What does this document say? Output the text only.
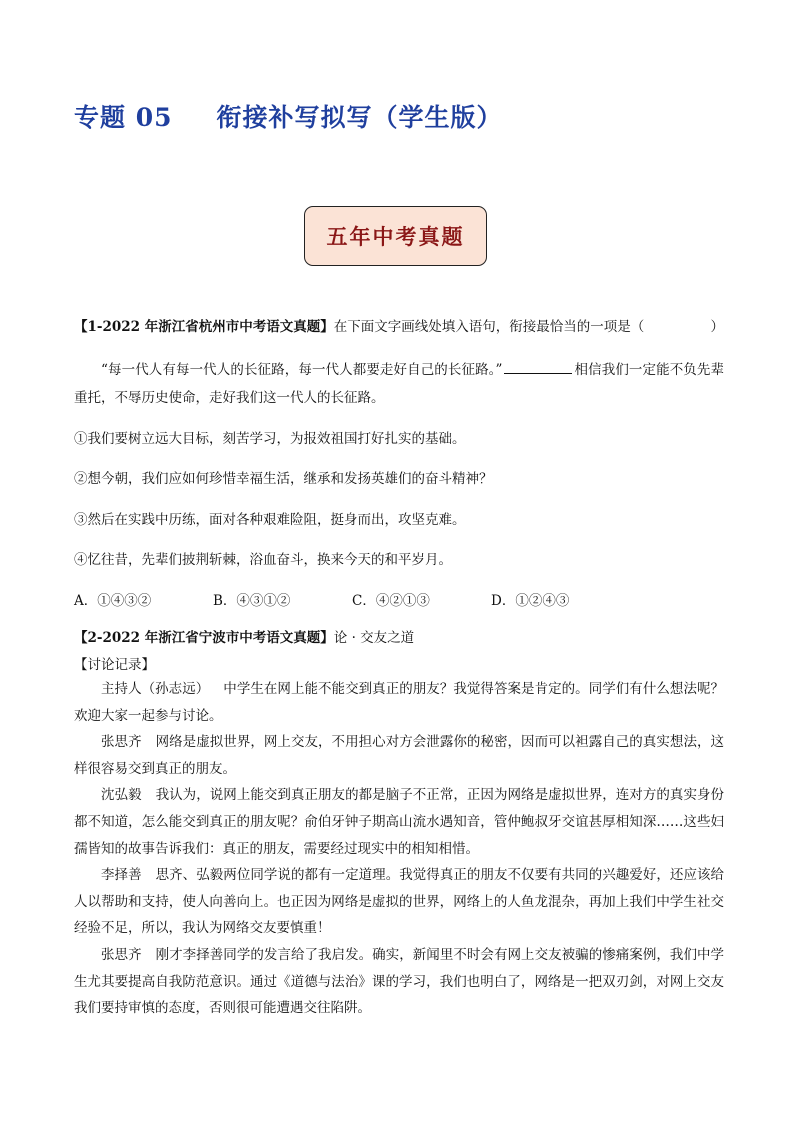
专题 05 衔接补写拟写（学生版）
五年中考真题

【1-2022 年浙江省杭州市中考语文真题】在下面文字画线处填入语句，衔接最恰当的一项是（	）

“每一代人有每一代人的长征路，每一代人都要走好自己的长征路。”	相信我们一定能不负先辈重托，不辱历史使命，走好我们这一代人的长征路。

①我们要树立远大目标，刻苦学习，为报效祖国打好扎实的基础。

②想今朝，我们应如何珍惜幸福生活，继承和发扬英雄们的奋斗精神？

③然后在实践中历练，面对各种艰难险阻，挺身而出，攻坚克难。

④忆往昔，先辈们披荆斩棘，浴血奋斗，换来今天的和平岁月。

A．①④③②	B．④③①②	C．④②①③	D．①②④③

【2-2022 年浙江省宁波市中考语文真题】论 · 交友之道

【讨论记录】

主持人（孙志远） 中学生在网上能不能交到真正的朋友？我觉得答案是肯定的。同学们有什么想法呢？欢迎大家一起参与讨论。

张思齐 网络是虚拟世界，网上交友，不用担心对方会泄露你的秘密，因而可以袒露自己的真实想法，这样很容易交到真正的朋友。

沈弘毅 我认为，说网上能交到真正朋友的都是脑子不正常，正因为网络是虚拟世界，连对方的真实身份都不知道，怎么能交到真正的朋友呢？俞伯牙钟子期高山流水遇知音，管仲鲍叔牙交谊甚厚相知深……这些妇孺皆知的故事告诉我们：真正的朋友，需要经过现实中的相知相惜。

李择善 思齐、弘毅两位同学说的都有一定道理。我觉得真正的朋友不仅要有共同的兴趣爱好，还应该给人以帮助和支持，使人向善向上。也正因为网络是虚拟的世界，网络上的人鱼龙混杂，再加上我们中学生社交经验不足，所以，我认为网络交友要慎重！

张思齐 刚才李择善同学的发言给了我启发。确实，新闻里不时会有网上交友被骗的惨痛案例，我们中学生尤其要提高自我防范意识。通过《道德与法治》课的学习，我们也明白了，网络是一把双刃剑，对网上交友我们要持审慎的态度，否则很可能遭遇交往陷阱。
